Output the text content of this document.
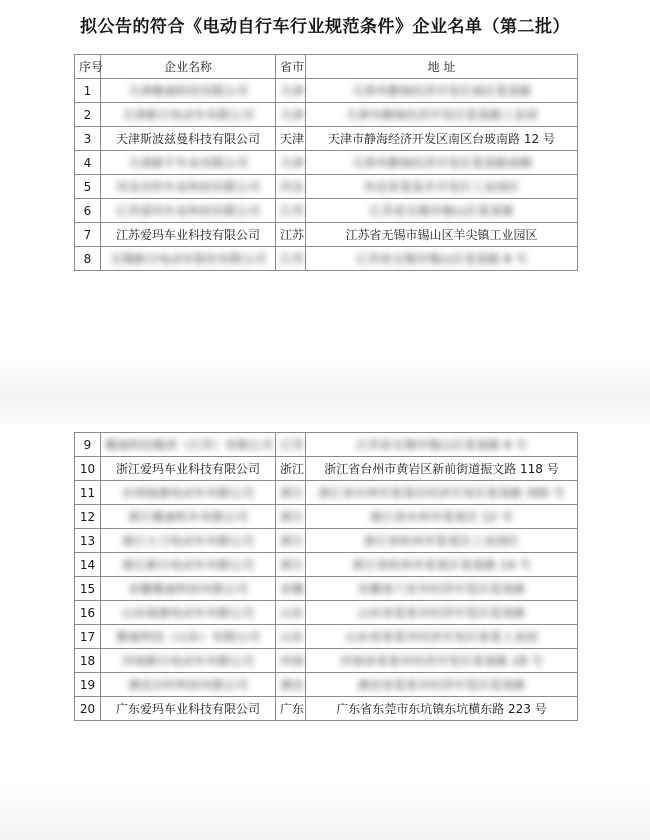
拟公告的符合《电动自行车行业规范条件》企业名单（第二批）
序号	企业名称	省市	地 址
1	天津雅迪科技有限公司	天津	天津市静海经济开发区南区某某路
2	天津新日电动车有限公司	天津	天津市静海经济开发区某某路工业园
3	天津斯波兹曼科技有限公司	天津	天津市静海经济开发区南区台玻南路 12 号
4	天津新宇车业有限公司	天津	天津市静海经济开发区某某路南侧
5	河北台铃车业科技有限公司	河北	河北省某某市开发区工业园区
6	江苏爱玛车业科技有限公司	江苏	江苏省无锡市锡山区某某镇
7	江苏爱玛车业科技有限公司	江苏	江苏省无锡市锡山区羊尖镇工业园区
8	无锡新日电动车股份有限公司	江苏	江苏省无锡市锡山区某某路 8 号
9	雅迪科技集团（江苏）有限公司	江苏	江苏省无锡市锡山区某某路 9 号
10	浙江爱玛车业科技有限公司	浙江	浙江省台州市黄岩区新前街道振文路 118 号
11	台州绿源电动车有限公司	浙江	浙江省台州市某某区经济开发区某某路 300 号
12	浙江雅迪机车有限公司	浙江	浙江省台州市某某区 12 号
13	浙江小刀电动车有限公司	浙江	浙江省杭州市某某区工业园区
14	浙江新日电动车有限公司	浙江	浙江省杭州市某某区某某路 14 号
15	安徽雅迪科技有限公司	安徽	安徽省六安市经济开发区某某路
16	山东绿源电动车有限公司	山东	山东省某某市经济开发区某某路
17	雅迪科技（山东）有限公司	山东	山东省某某市经济开发区某某工业园
18	河南新日电动车有限公司	河南	河南省某某市经济开发区某某路 18 号
19	湖北台铃科技有限公司	湖北	湖北省某某市经济开发区某某路
20	广东爱玛车业科技有限公司	广东	广东省东莞市东坑镇东坑横东路 223 号
